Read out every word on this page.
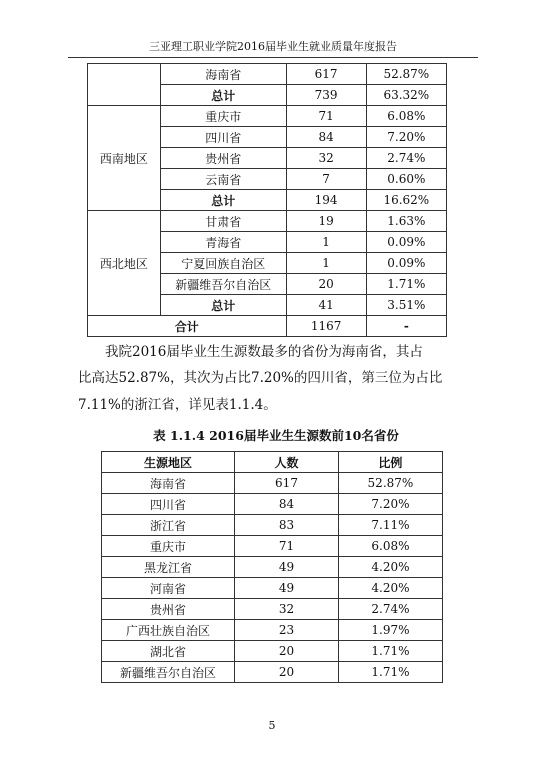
三亚理工职业学院2016届毕业生就业质量年度报告
	海南省	617	52.87%
	总计	739	63.32%
西南地区	重庆市	71	6.08%
	四川省	84	7.20%
	贵州省	32	2.74%
	云南省	7	0.60%
	总计	194	16.62%
西北地区	甘肃省	19	1.63%
	青海省	1	0.09%
	宁夏回族自治区	1	0.09%
	新疆维吾尔自治区	20	1.71%
	总计	41	3.51%
合计		1167	-
我院2016届毕业生生源数最多的省份为海南省，其占
比高达52.87%，其次为占比7.20%的四川省，第三位为占比
7.11%的浙江省，详见表1.1.4。
表 1.1.4 2016届毕业生生源数前10名省份
生源地区	人数	比例
海南省	617	52.87%
四川省	84	7.20%
浙江省	83	7.11%
重庆市	71	6.08%
黑龙江省	49	4.20%
河南省	49	4.20%
贵州省	32	2.74%
广西壮族自治区	23	1.97%
湖北省	20	1.71%
新疆维吾尔自治区	20	1.71%
5
